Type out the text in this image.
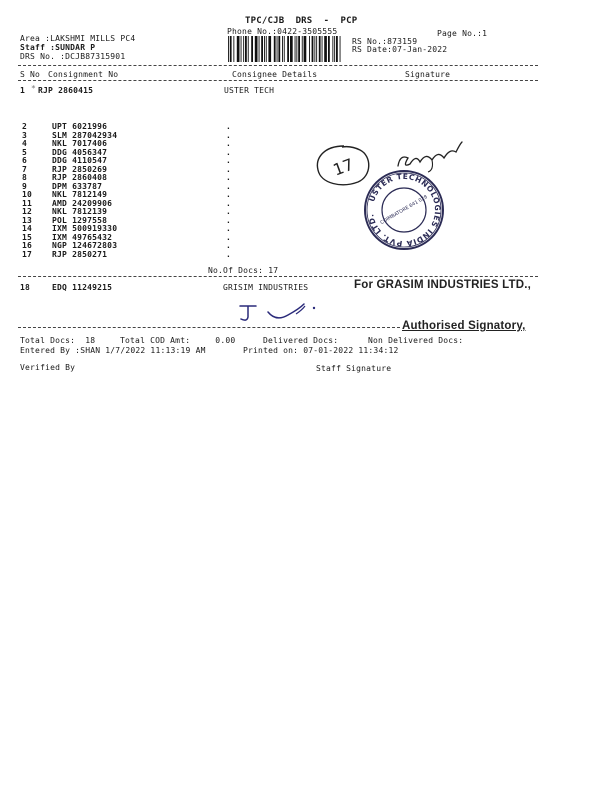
TPC/CJB  DRS  -  PCP
Phone No.:0422-3505555	Page No.:1
Area :LAKSHMI MILLS PC4
Staff :SUNDAR P
DRS No. :DCJB87315901
RS No.:873159
RS Date:07-Jan-2022
S No Consignment No	Consignee Details	Signature
1 * RJP 2860415	USTER TECH
2	UPT 6021996	.
3	SLM 287042934	.
4	NKL 7017406	.
5	DDG 4056347	.
6	DDG 4110547	.
7	RJP 2850269	.
8	RJP 2860408	.
9	DPM 633787	.
10 NKL 7812149	.
11 AMD 24209906	.
12 NKL 7812139	.
13 POL 1297558	.
14 IXM 500919330	.
15 IXM 49765432	.
16 NGP 124672803	.
17 RJP 2850271	.
No.Of Docs: 17
18	EDQ 11249215	GRISIM INDUSTRIES	For GRASIM INDUSTRIES LTD.,
Authorised Signatory,
Total Docs:  18	Total COD Amt:     0.00	Delivered Docs:	Non Delivered Docs:
Entered By :SHAN 1/7/2022 11:13:19 AM	Printed on: 07-01-2022 11:34:12
Verified By	Staff Signature
17
USTER TECHNOLOGIES INDIA PVT. LTD. COIMBATORE 641 028
